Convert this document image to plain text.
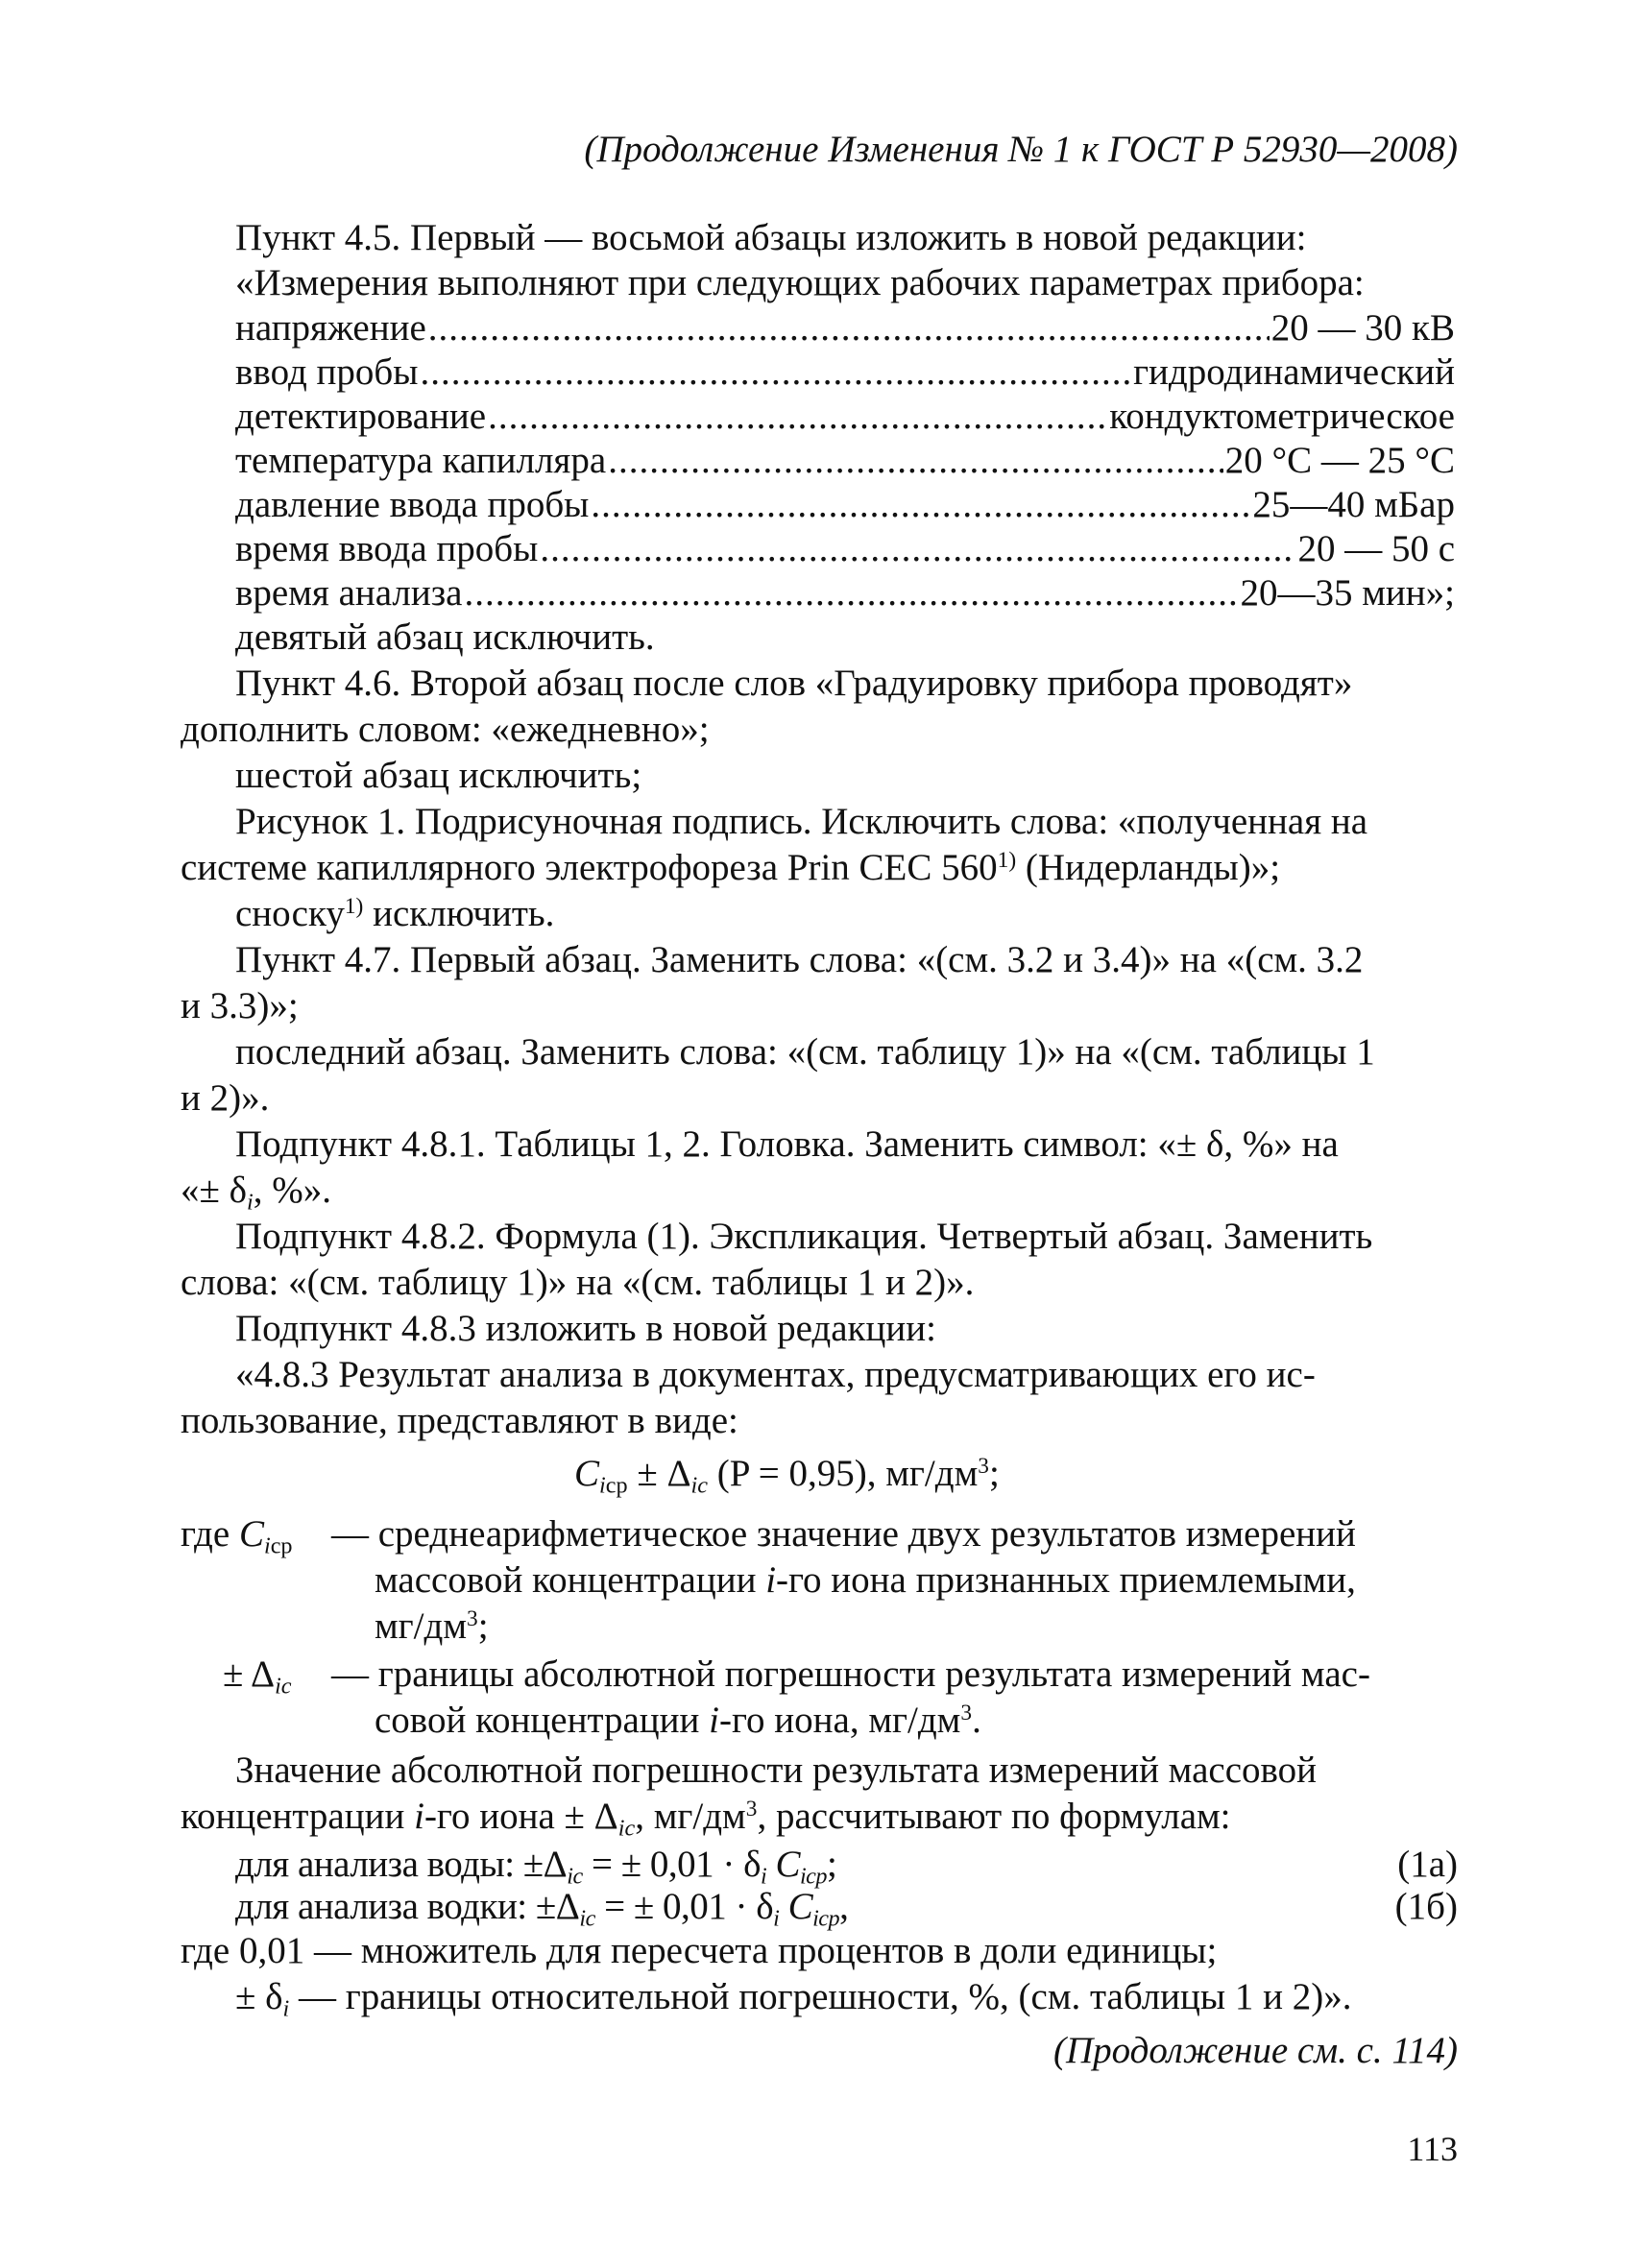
(Продолжение Изменения № 1 к ГОСТ Р 52930—2008)
Пункт 4.5. Первый — восьмой абзацы изложить в новой редакции:
«Измерения выполняют при следующих рабочих параметрах прибора:
напряжение .....	20 — 30 кВ
ввод пробы .....	гидродинамический
детектирование .....	кондуктометрическое
температура капилляра .....	20 °С — 25 °С
давление ввода пробы .....	25—40 мБар
время ввода пробы .....	20 — 50 с
время анализа .....	20—35 мин»;
девятый абзац исключить.
Пункт 4.6. Второй абзац после слов «Градуировку прибора проводят»
дополнить словом: «ежедневно»;
шестой абзац исключить;
Рисунок 1. Подрисуночная подпись. Исключить слова: «полученная на
системе капиллярного электрофореза Prin СЕС 560$^{1)}$ (Нидерланды)»;
сноску$^{1)}$ исключить.
Пункт 4.7. Первый абзац. Заменить слова: «(см. 3.2 и 3.4)» на «(см. 3.2
и 3.3)»;
последний абзац. Заменить слова: «(см. таблицу 1)» на «(см. таблицы 1
и 2)».
Подпункт 4.8.1. Таблицы 1, 2. Головка. Заменить символ: «± δ, %» на
«± $\delta_i$, %».
Подпункт 4.8.2. Формула (1). Экспликация. Четвертый абзац. Заменить
слова: «(см. таблицу 1)» на «(см. таблицы 1 и 2)».
Подпункт 4.8.3 изложить в новой редакции:
«4.8.3 Результат анализа в документах, предусматривающих его ис-
пользование, представляют в виде:
$C_{iср} \pm \Delta_{ic}$ (P = 0,95), $мг/дм^3$;
где $C_{iср}$ — среднеарифметическое значение двух результатов измерений
массовой концентрации i-го иона признанных приемлемыми,
$мг/дм^3$;
± $\Delta_{ic}$ — границы абсолютной погрешности результата измерений мас-
совой концентрации i-го иона, $мг/дм^3$.
Значение абсолютной погрешности результата измерений массовой
концентрации i-го иона ± $\Delta_{ic}$, $мг/дм^3$, рассчитывают по формулам:
для анализа воды: $\pm\Delta_{ic}$ = ± $0,01 \cdot \delta_i$ $C_{iср}$;	(1а)
для анализа водки: $\pm\Delta_{ic}$ = ± $0,01 \cdot \delta_i$ $C_{iср}$,	(1б)
где 0,01 — множитель для пересчета процентов в доли единицы;
± $\delta_i$ — границы относительной погрешности, %, (см. таблицы 1 и 2)».
(Продолжение см. с. 114)
113
